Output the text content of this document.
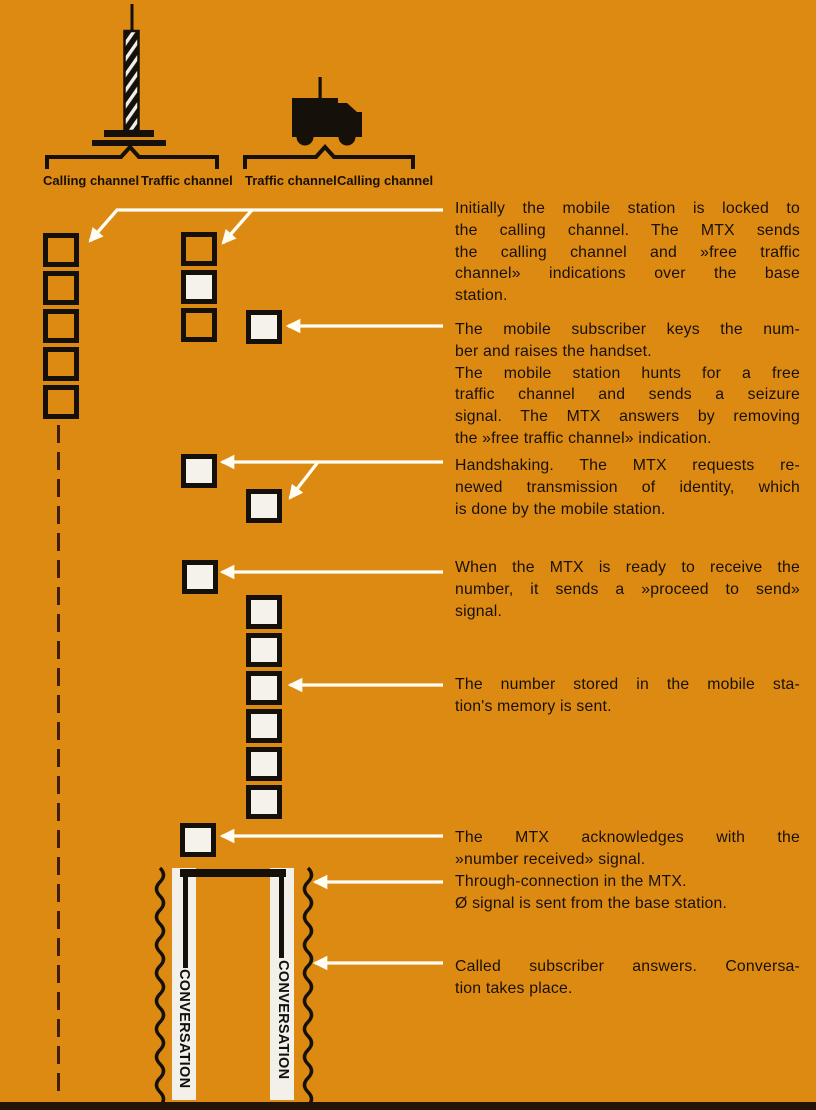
Calling channel Traffic channel Traffic channel Calling channel
Initially the mobile station is locked to
the calling channel. The MTX sends
the calling channel and »free traffic
channel» indications over the base
station.
The mobile subscriber keys the num-
ber and raises the handset.
The mobile station hunts for a free
traffic channel and sends a seizure
signal. The MTX answers by removing
the »free traffic channel» indication.
Handshaking. The MTX requests re-
newed transmission of identity, which
is done by the mobile station.
When the MTX is ready to receive the
number, it sends a »proceed to send»
signal.
The number stored in the mobile sta-
tion's memory is sent.
The MTX acknowledges with the
»number received» signal.
Through-connection in the MTX.
Ø signal is sent from the base station.
Called subscriber answers. Conversa-
tion takes place.
CONVERSATION	CONVERSATION
